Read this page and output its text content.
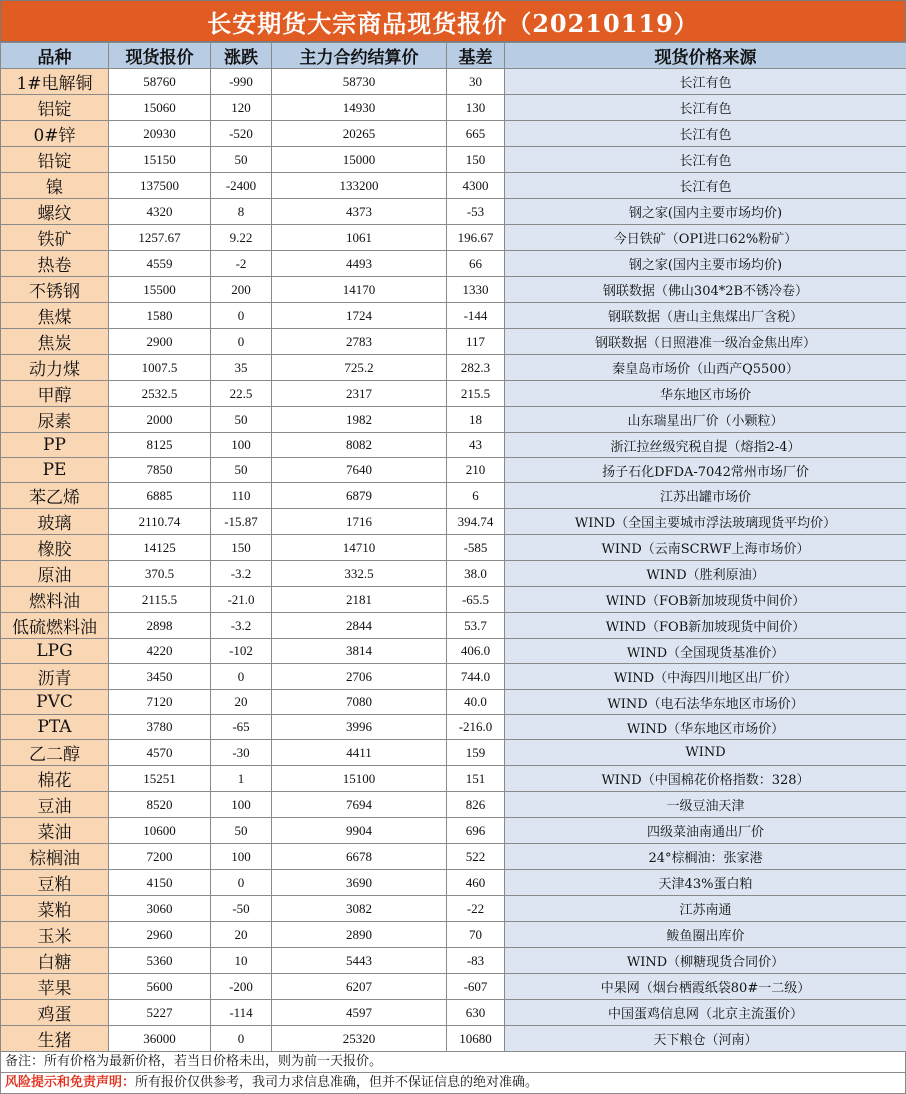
长安期货大宗商品现货报价（20210119）
品种	现货报价	涨跌	主力合约结算价	基差	现货价格来源
1#电解铜	58760	-990	58730	30	长江有色
铝锭	15060	120	14930	130	长江有色
0#锌	20930	-520	20265	665	长江有色
铅锭	15150	50	15000	150	长江有色
镍	137500	-2400	133200	4300	长江有色
螺纹	4320	8	4373	-53	钢之家(国内主要市场均价)
铁矿	1257.67	9.22	1061	196.67	今日铁矿（OPI进口62%粉矿）
热卷	4559	-2	4493	66	钢之家(国内主要市场均价)
不锈钢	15500	200	14170	1330	钢联数据（佛山304*2B不锈冷卷）
焦煤	1580	0	1724	-144	钢联数据（唐山主焦煤出厂含税）
焦炭	2900	0	2783	117	钢联数据（日照港准一级冶金焦出库）
动力煤	1007.5	35	725.2	282.3	秦皇岛市场价（山西产Q5500）
甲醇	2532.5	22.5	2317	215.5	华东地区市场价
尿素	2000	50	1982	18	山东瑞星出厂价（小颗粒）
PP	8125	100	8082	43	浙江拉丝级究税自提（熔指2-4）
PE	7850	50	7640	210	扬子石化DFDA-7042常州市场厂价
苯乙烯	6885	110	6879	6	江苏出罐市场价
玻璃	2110.74	-15.87	1716	394.74	WIND（全国主要城市浮法玻璃现货平均价）
橡胶	14125	150	14710	-585	WIND（云南SCRWF上海市场价）
原油	370.5	-3.2	332.5	38.0	WIND（胜利原油）
燃料油	2115.5	-21.0	2181	-65.5	WIND（FOB新加坡现货中间价）
低硫燃料油	2898	-3.2	2844	53.7	WIND（FOB新加坡现货中间价）
LPG	4220	-102	3814	406.0	WIND（全国现货基准价）
沥青	3450	0	2706	744.0	WIND（中海四川地区出厂价）
PVC	7120	20	7080	40.0	WIND（电石法华东地区市场价）
PTA	3780	-65	3996	-216.0	WIND（华东地区市场价）
乙二醇	4570	-30	4411	159	WIND
棉花	15251	1	15100	151	WIND（中国棉花价格指数：328）
豆油	8520	100	7694	826	一级豆油天津
菜油	10600	50	9904	696	四级菜油南通出厂价
棕榈油	7200	100	6678	522	24°棕榈油：张家港
豆粕	4150	0	3690	460	天津43%蛋白粕
菜粕	3060	-50	3082	-22	江苏南通
玉米	2960	20	2890	70	鲅鱼圈出库价
白糖	5360	10	5443	-83	WIND（柳糖现货合同价）
苹果	5600	-200	6207	-607	中果网（烟台栖霞纸袋80#一二级）
鸡蛋	5227	-114	4597	630	中国蛋鸡信息网（北京主流蛋价）
生猪	36000	0	25320	10680	天下粮仓（河南）
备注：所有价格为最新价格，若当日价格未出，则为前一天报价。
风险提示和免责声明：所有报价仅供参考，我司力求信息准确，但并不保证信息的绝对准确。
